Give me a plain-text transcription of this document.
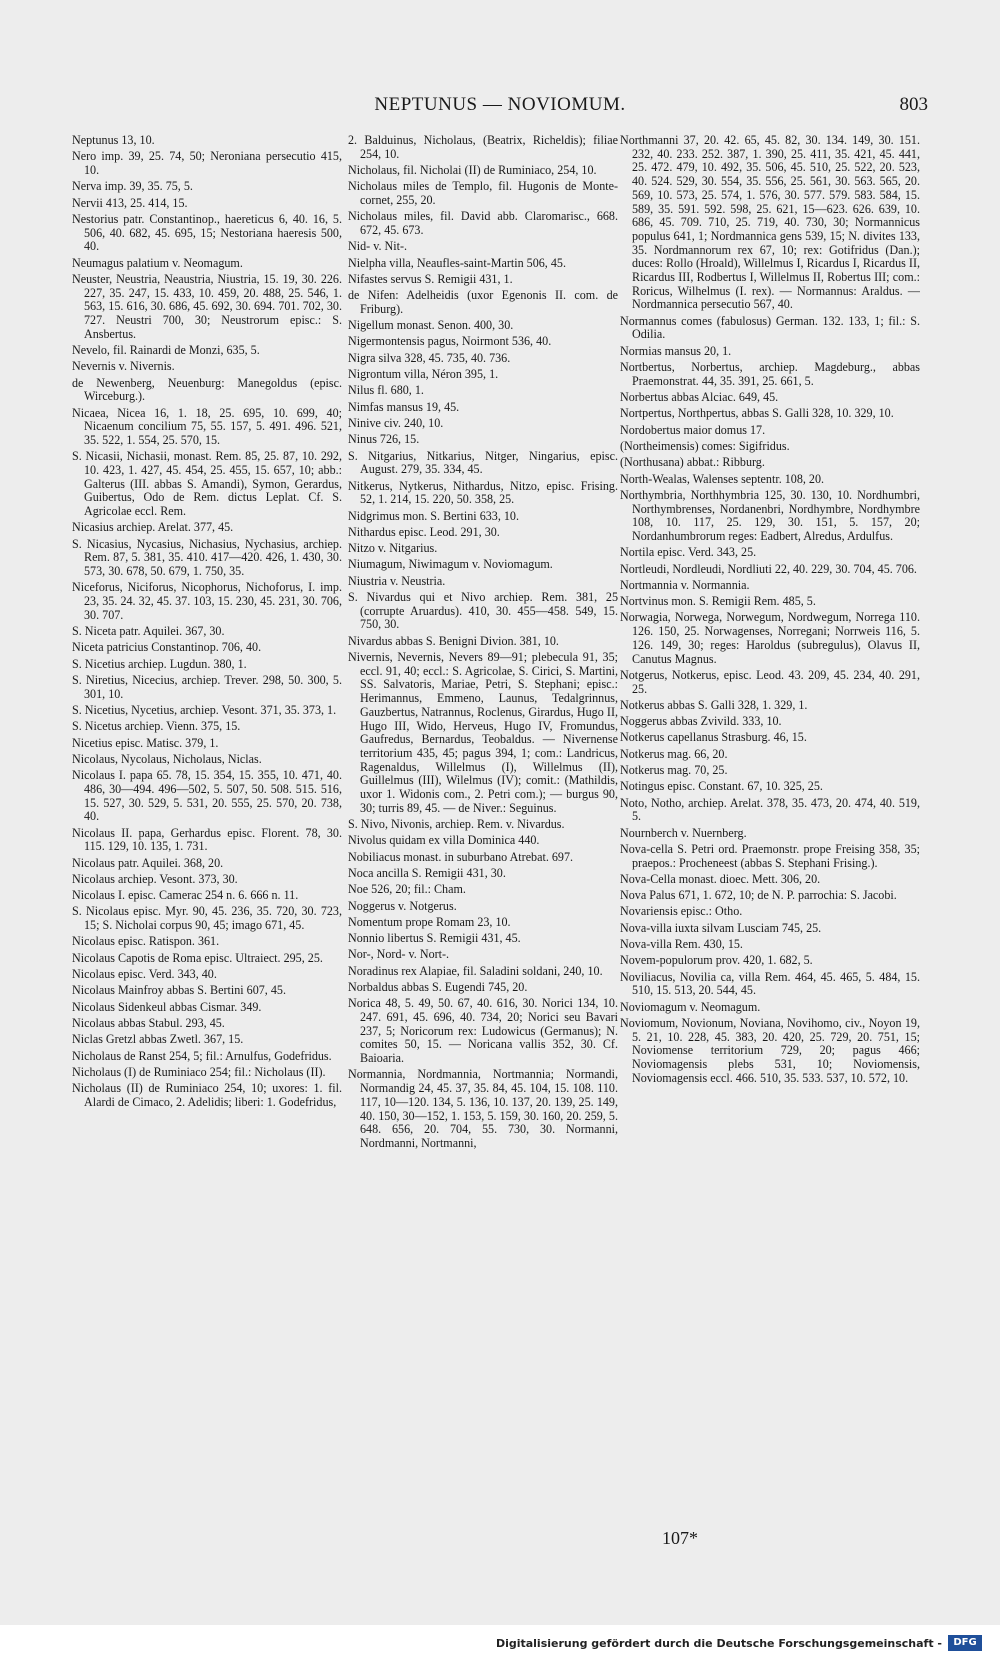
NEPTUNUS — NOVIOMUM.	803
Neptunus 13, 10.
Nero imp. 39, 25. 74, 50; Neroniana persecutio 415, 10.
Nerva imp. 39, 35. 75, 5.
Nervii 413, 25. 414, 15.
Nestorius patr. Constantinop., haereticus 6, 40. 16, 5. 506, 40. 682, 45. 695, 15; Nestoriana haeresis 500, 40.
Neumagus palatium v. Neomagum.
Neuster, Neustria, Neaustria, Niustria, 15. 19, 30. 226. 227, 35. 247, 15. 433, 10. 459, 20. 488, 25. 546, 1. 563, 15. 616, 30. 686, 45. 692, 30. 694. 701. 702, 30. 727. Neustri 700, 30; Neustrorum episc.: S. Ansbertus.
Nevelo, fil. Rainardi de Monzi, 635, 5.
Nevernis v. Nivernis.
de Newenberg, Neuenburg: Manegoldus (episc. Wirceburg.).
Nicaea, Nicea 16, 1. 18, 25. 695, 10. 699, 40; Nicaenum concilium 75, 55. 157, 5. 491. 496. 521, 35. 522, 1. 554, 25. 570, 15.
S. Nicasii, Nichasii, monast. Rem. 85, 25. 87, 10. 292, 10. 423, 1. 427, 45. 454, 25. 455, 15. 657, 10; abb.: Galterus (III. abbas S. Amandi), Symon, Gerardus, Guibertus, Odo de Rem. dictus Leplat. Cf. S. Agricolae eccl. Rem.
Nicasius archiep. Arelat. 377, 45.
S. Nicasius, Nycasius, Nichasius, Nychasius, archiep. Rem. 87, 5. 381, 35. 410. 417—420. 426, 1. 430, 30. 573, 30. 678, 50. 679, 1. 750, 35.
Niceforus, Niciforus, Nicophorus, Nichoforus, I. imp. 23, 35. 24. 32, 45. 37. 103, 15. 230, 45. 231, 30. 706, 30. 707.
S. Niceta patr. Aquilei. 367, 30.
Niceta patricius Constantinop. 706, 40.
S. Nicetius archiep. Lugdun. 380, 1.
S. Niretius, Nicecius, archiep. Trever. 298, 50. 300, 5. 301, 10.
S. Nicetius, Nycetius, archiep. Vesont. 371, 35. 373, 1.
S. Nicetus archiep. Vienn. 375, 15.
Nicetius episc. Matisc. 379, 1.
Nicolaus, Nycolaus, Nicholaus, Niclas.
Nicolaus I. papa 65. 78, 15. 354, 15. 355, 10. 471, 40. 486, 30—494. 496—502, 5. 507, 50. 508. 515. 516, 15. 527, 30. 529, 5. 531, 20. 555, 25. 570, 20. 738, 40.
Nicolaus II. papa, Gerhardus episc. Florent. 78, 30. 115. 129, 10. 135, 1. 731.
Nicolaus patr. Aquilei. 368, 20.
Nicolaus archiep. Vesont. 373, 30.
Nicolaus I. episc. Camerac 254 n. 6. 666 n. 11.
S. Nicolaus episc. Myr. 90, 45. 236, 35. 720, 30. 723, 15; S. Nicholai corpus 90, 45; imago 671, 45.
Nicolaus episc. Ratispon. 361.
Nicolaus Capotis de Roma episc. Ultraiect. 295, 25.
Nicolaus episc. Verd. 343, 40.
Nicolaus Mainfroy abbas S. Bertini 607, 45.
Nicolaus Sidenkeul abbas Cismar. 349.
Nicolaus abbas Stabul. 293, 45.
Niclas Gretzl abbas Zwetl. 367, 15.
Nicholaus de Ranst 254, 5; fil.: Arnulfus, Godefridus.
Nicholaus (I) de Ruminiaco 254; fil.: Nicholaus (II).
Nicholaus (II) de Ruminiaco 254, 10; uxores: 1. fil. Alardi de Cimaco, 2. Adelidis; liberi: 1. Godefridus,
2. Balduinus, Nicholaus, (Beatrix, Richeldis); filiae 254, 10.
Nicholaus, fil. Nicholai (II) de Ruminiaco, 254, 10.
Nicholaus miles de Templo, fil. Hugonis de Monte-cornet, 255, 20.
Nicholaus miles, fil. David abb. Claromarisc., 668. 672, 45. 673.
Nid- v. Nit-.
Nielpha villa, Neaufles-saint-Martin 506, 45.
Nifastes servus S. Remigii 431, 1.
de Nifen: Adelheidis (uxor Egenonis II. com. de Friburg).
Nigellum monast. Senon. 400, 30.
Nigermontensis pagus, Noirmont 536, 40.
Nigra silva 328, 45. 735, 40. 736.
Nigrontum villa, Néron 395, 1.
Nilus fl. 680, 1.
Nimfas mansus 19, 45.
Ninive civ. 240, 10.
Ninus 726, 15.
S. Nitgarius, Nitkarius, Nitger, Ningarius, episc. August. 279, 35. 334, 45.
Nitkerus, Nytkerus, Nithardus, Nitzo, episc. Frising. 52, 1. 214, 15. 220, 50. 358, 25.
Nidgrimus mon. S. Bertini 633, 10.
Nithardus episc. Leod. 291, 30.
Nitzo v. Nitgarius.
Niumagum, Niwimagum v. Noviomagum.
Niustria v. Neustria.
S. Nivardus qui et Nivo archiep. Rem. 381, 25 (corrupte Aruardus). 410, 30. 455—458. 549, 15. 750, 30.
Nivardus abbas S. Benigni Divion. 381, 10.
Nivernis, Nevernis, Nevers 89—91; plebecula 91, 35; eccl. 91, 40; eccl.: S. Agricolae, S. Cirici, S. Martini, SS. Salvatoris, Mariae, Petri, S. Stephani; episc.: Herimannus, Emmeno, Launus, Tedalgrinnus, Gauzbertus, Natrannus, Roclenus, Girardus, Hugo II, Hugo III, Wido, Herveus, Hugo IV, Fromundus, Gaufredus, Bernardus, Teobaldus. — Nivernense territorium 435, 45; pagus 394, 1; com.: Landricus, Ragenaldus, Willelmus (I), Willelmus (II), Guillelmus (III), Wilelmus (IV); comit.: (Mathildis, uxor 1. Widonis com., 2. Petri com.); — burgus 90, 30; turris 89, 45. — de Niver.: Seguinus.
S. Nivo, Nivonis, archiep. Rem. v. Nivardus.
Nivolus quidam ex villa Dominica 440.
Nobiliacus monast. in suburbano Atrebat. 697.
Noca ancilla S. Remigii 431, 30.
Noe 526, 20; fil.: Cham.
Noggerus v. Notgerus.
Nomentum prope Romam 23, 10.
Nonnio libertus S. Remigii 431, 45.
Nor-, Nord- v. Nort-.
Noradinus rex Alapiae, fil. Saladini soldani, 240, 10.
Norbaldus abbas S. Eugendi 745, 20.
Norica 48, 5. 49, 50. 67, 40. 616, 30. Norici 134, 10. 247. 691, 45. 696, 40. 734, 20; Norici seu Bavari 237, 5; Noricorum rex: Ludowicus (Germanus); N. comites 50, 15. — Noricana vallis 352, 30. Cf. Baioaria.
Normannia, Nordmannia, Nortmannia; Normandi, Normandig 24, 45. 37, 35. 84, 45. 104, 15. 108. 110. 117, 10—120. 134, 5. 136, 10. 137, 20. 139, 25. 149, 40. 150, 30—152, 1. 153, 5. 159, 30. 160, 20. 259, 5. 648. 656, 20. 704, 55. 730, 30. Normanni, Nordmanni, Nortmanni,
Northmanni 37, 20. 42. 65, 45. 82, 30. 134. 149, 30. 151. 232, 40. 233. 252. 387, 1. 390, 25. 411, 35. 421, 45. 441, 25. 472. 479, 10. 492, 35. 506, 45. 510, 25. 522, 20. 523, 40. 524. 529, 30. 554, 35. 556, 25. 561, 30. 563. 565, 20. 569, 10. 573, 25. 574, 1. 576, 30. 577. 579. 583. 584, 15. 589, 35. 591. 592. 598, 25. 621, 15—623. 626. 639, 10. 686, 45. 709. 710, 25. 719, 40. 730, 30; Normannicus populus 641, 1; Nordmannica gens 539, 15; N. divites 133, 35. Nordmannorum rex 67, 10; rex: Gotifridus (Dan.); duces: Rollo (Hroald), Willelmus I, Ricardus I, Ricardus II, Ricardus III, Rodbertus I, Willelmus II, Robertus III; com.: Roricus, Wilhelmus (I. rex). — Normannus: Araldus. — Nordmannica persecutio 567, 40.
Normannus comes (fabulosus) German. 132. 133, 1; fil.: S. Odilia.
Normias mansus 20, 1.
Nortbertus, Norbertus, archiep. Magdeburg., abbas Praemonstrat. 44, 35. 391, 25. 661, 5.
Norbertus abbas Alciac. 649, 45.
Nortpertus, Northpertus, abbas S. Galli 328, 10. 329, 10.
Nordobertus maior domus 17.
(Northeimensis) comes: Sigifridus.
(Northusana) abbat.: Ribburg.
North-Wealas, Walenses septentr. 108, 20.
Northymbria, Northhymbria 125, 30. 130, 10. Nordhumbri, Northymbrenses, Nordanenbri, Nordhymbre, Nordhymbre 108, 10. 117, 25. 129, 30. 151, 5. 157, 20; Nordanhumbrorum reges: Eadbert, Alredus, Ardulfus.
Nortila episc. Verd. 343, 25.
Nortleudi, Nordleudi, Nordliuti 22, 40. 229, 30. 704, 45. 706.
Nortmannia v. Normannia.
Nortvinus mon. S. Remigii Rem. 485, 5.
Norwagia, Norwega, Norwegum, Nordwegum, Norrega 110. 126. 150, 25. Norwagenses, Norregani; Norrweis 116, 5. 126. 149, 30; reges: Haroldus (subregulus), Olavus II, Canutus Magnus.
Notgerus, Notkerus, episc. Leod. 43. 209, 45. 234, 40. 291, 25.
Notkerus abbas S. Galli 328, 1. 329, 1.
Noggerus abbas Zvivild. 333, 10.
Notkerus capellanus Strasburg. 46, 15.
Notkerus mag. 66, 20.
Notkerus mag. 70, 25.
Notingus episc. Constant. 67, 10. 325, 25.
Noto, Notho, archiep. Arelat. 378, 35. 473, 20. 474, 40. 519, 5.
Nournberch v. Nuernberg.
Nova-cella S. Petri ord. Praemonstr. prope Freising 358, 35; praepos.: Procheneest (abbas S. Stephani Frising.).
Nova-Cella monast. dioec. Mett. 306, 20.
Nova Palus 671, 1. 672, 10; de N. P. parrochia: S. Jacobi.
Novariensis episc.: Otho.
Nova-villa iuxta silvam Lusciam 745, 25.
Nova-villa Rem. 430, 15.
Novem-populorum prov. 420, 1. 682, 5.
Noviliacus, Novilia ca, villa Rem. 464, 45. 465, 5. 484, 15. 510, 15. 513, 20. 544, 45.
Noviomagum v. Neomagum.
Noviomum, Novionum, Noviana, Novihomo, civ., Noyon 19, 5. 21, 10. 228, 45. 383, 20. 420, 25. 729, 20. 751, 15; Noviomense territorium 729, 20; pagus 466; Noviomagensis plebs 531, 10; Noviomensis, Noviomagensis eccl. 466. 510, 35. 533. 537, 10. 572, 10.
107*
Digitalisierung gefördert durch die Deutsche Forschungsgemeinschaft -	DFG
